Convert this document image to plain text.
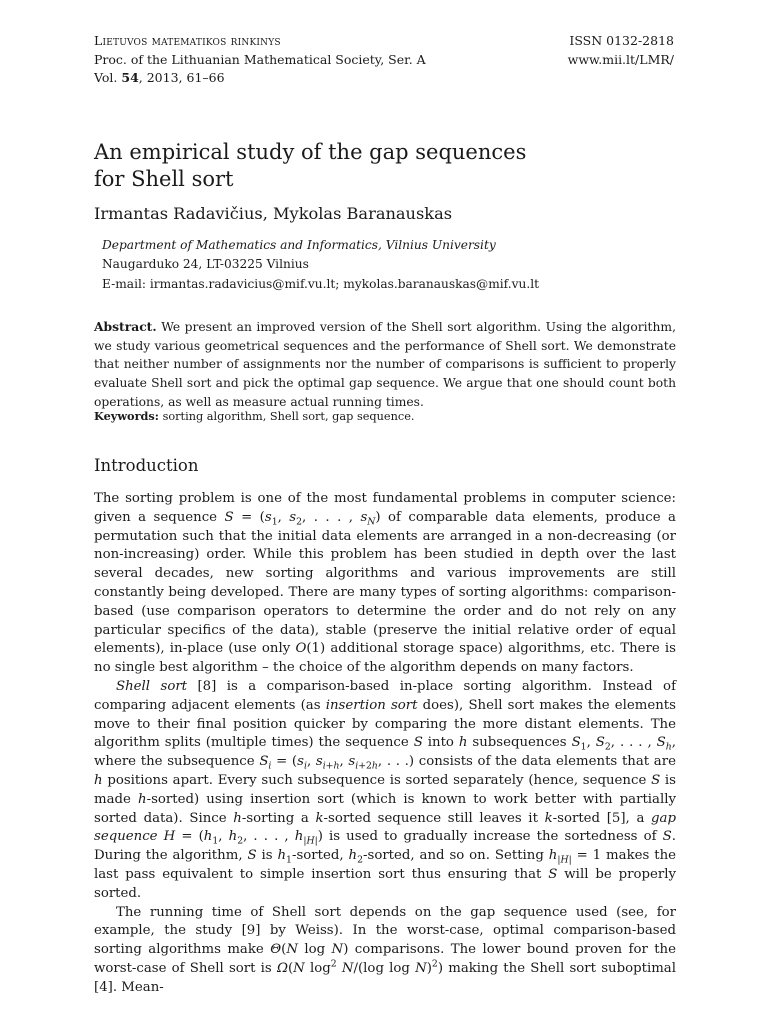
Lietuvos matematikos rinkinys	ISSN 0132-2818
Proc. of the Lithuanian Mathematical Society, Ser. A	www.mii.lt/LMR/
Vol. 54, 2013, 61–66
An empirical study of the gap sequences
for Shell sort
Irmantas Radavičius, Mykolas Baranauskas
Department of Mathematics and Informatics, Vilnius University
Naugarduko 24, LT-03225 Vilnius
E-mail: irmantas.radavicius@mif.vu.lt; mykolas.baranauskas@mif.vu.lt

Abstract. We present an improved version of the Shell sort algorithm. Using the algorithm, we study various geometrical sequences and the performance of Shell sort. We demonstrate that neither number of assignments nor the number of comparisons is sufficient to properly evaluate Shell sort and pick the optimal gap sequence. We argue that one should count both operations, as well as measure actual running times.

Keywords: sorting algorithm, Shell sort, gap sequence.

Introduction

The sorting problem is one of the most fundamental problems in computer science: given a sequence $S = (s_1$, $s_2$, . . . , $s_N$) of comparable data elements, produce a permutation such that the initial data elements are arranged in a non-decreasing (or non-increasing) order. While this problem has been studied in depth over the last several decades, new sorting algorithms and various improvements are still constantly being developed. There are many types of sorting algorithms: comparison-based (use comparison operators to determine the order and do not rely on any particular specifics of the data), stable (preserve the initial relative order of equal elements), in-place (use only O(1) additional storage space) algorithms, etc. There is no single best algorithm – the choice of the algorithm depends on many factors.

Shell sort [8] is a comparison-based in-place sorting algorithm. Instead of comparing adjacent elements (as insertion sort does), Shell sort makes the elements move to their final position quicker by comparing the more distant elements. The algorithm splits (multiple times) the sequence S into h subsequences $S_1$, $S_2$, . . . , $S_h$, where the subsequence $S_i = (s_i$, $s_{i+h}$, $s_{i+2h}$, . . .) consists of the data elements that are h positions apart. Every such subsequence is sorted separately (hence, sequence S is made h-sorted) using insertion sort (which is known to work better with partially sorted data). Since h-sorting a k-sorted sequence still leaves it k-sorted [5], a gap sequence $H = (h_1$, $h_2$, . . . , $h_{|H|}$) is used to gradually increase the sortedness of S. During the algorithm, S is $h_1$-sorted, $h_2$-sorted, and so on. Setting $h_{|H|} = 1$ makes the last pass equivalent to simple insertion sort thus ensuring that S will be properly sorted.

The running time of Shell sort depends on the gap sequence used (see, for example, the study [9] by Weiss). In the worst-case, optimal comparison-based sorting algorithms make Θ(N log N) comparisons. The lower bound proven for the worst-case of Shell sort is Ω(N $\log^2 N/(\log$ log N)$^2$) making the Shell sort suboptimal [4]. Mean-
